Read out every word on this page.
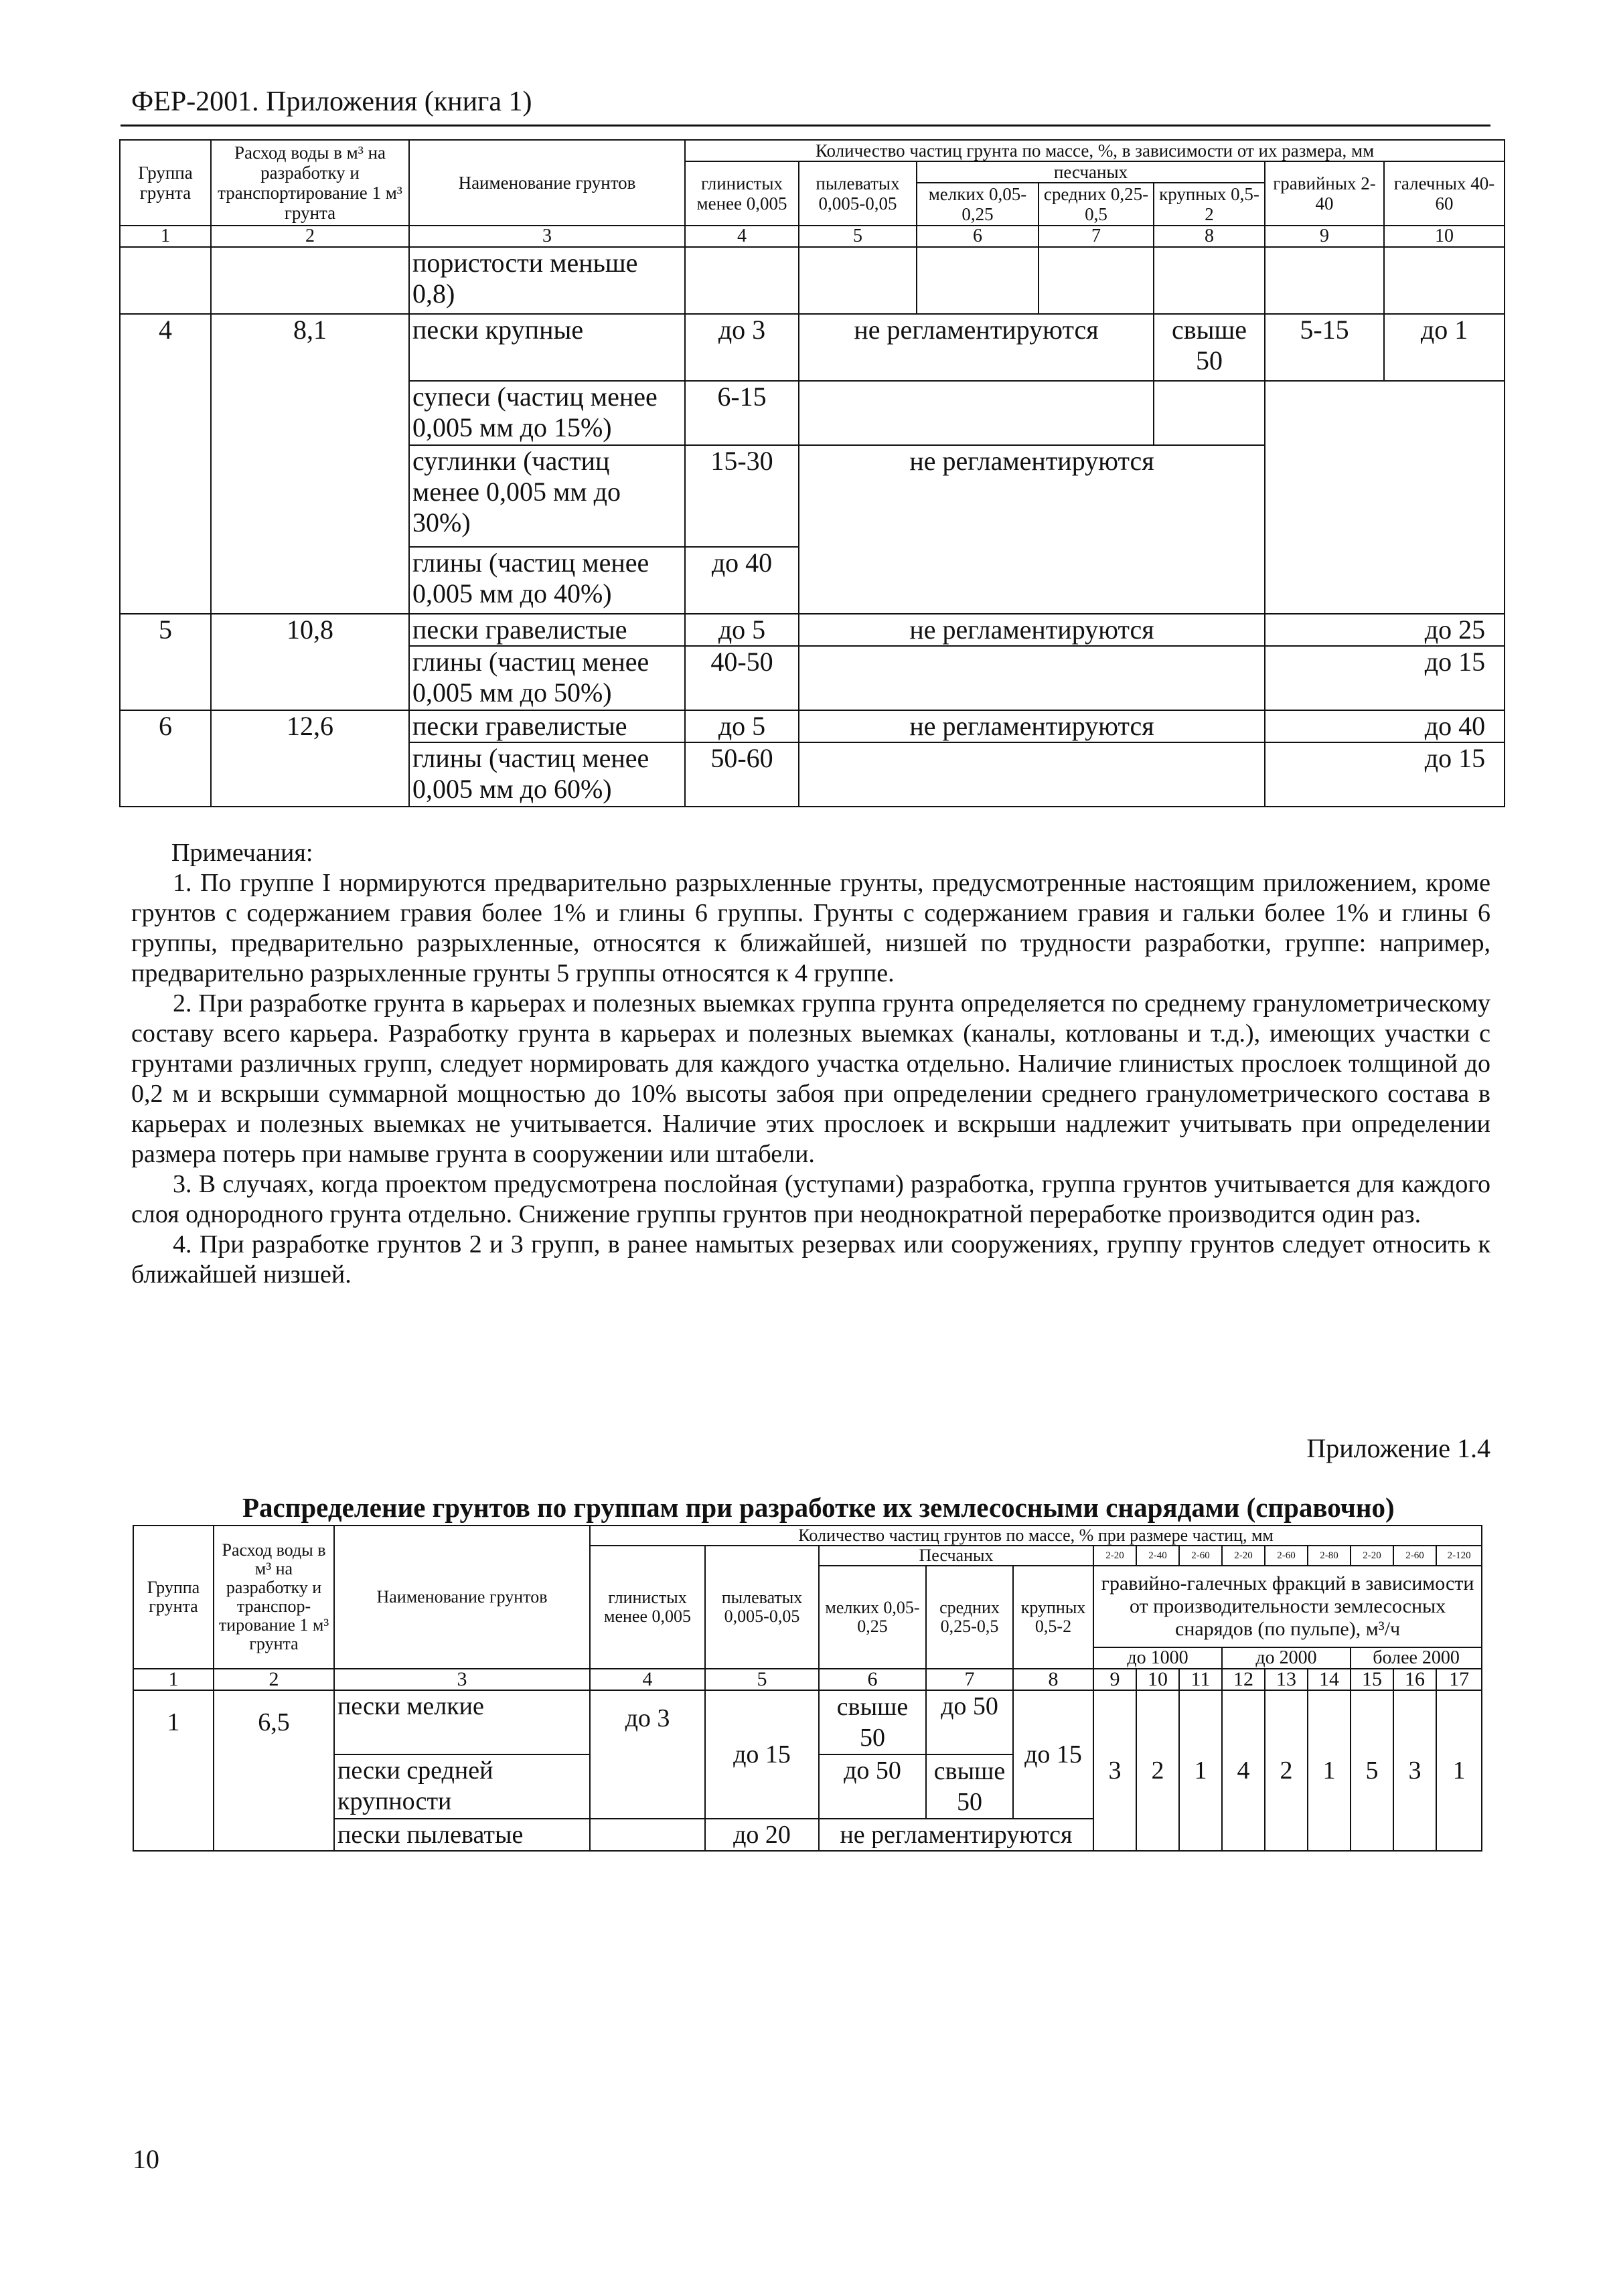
ФЕР-2001. Приложения (книга 1)
Группа грунта	Расход воды в м³ на разработку и транспортирование 1 м³ грунта	Наименование грунтов	Количество частиц грунта по массе, %, в зависимости от их размера, мм						
			глинистых менее 0,005	пылеватых 0,005-0,05	песчаных			гравийных 2-40	галечных 40-60
					мелких 0,05-0,25	средних 0,25-0,5	крупных 0,5-2		
1	2	3	4	5	6	7	8	9	10
		пористости меньше 0,8)							
4	8,1	пески крупные	до 3	не регламентируются			свыше 50	5-15	до 1
		супеси (частиц менее 0,005 мм до 15%)	6-15						
		суглинки (частиц менее 0,005 мм до 30%)	15-30	не регламентируются					
		глины (частиц менее 0,005 мм до 40%)	до 40						
5	10,8	пески гравелистые	до 5	не регламентируются				до 25	
		глины (частиц менее 0,005 мм до 50%)	40-50					до 15	
6	12,6	пески гравелистые	до 5	не регламентируются				до 40	
		глины (частиц менее 0,005 мм до 60%)	50-60					до 15	

Примечания:

1. По группе I нормируются предварительно разрыхленные грунты, предусмотренные настоящим приложением, кроме грунтов с содержанием гравия более 1% и глины 6 группы. Грунты с содержанием гравия и гальки более 1% и глины 6 группы, предварительно разрыхленные, относятся к ближайшей, низшей по трудности разработки, группе: например, предварительно разрыхленные грунты 5 группы относятся к 4 группе.

2. При разработке грунта в карьерах и полезных выемках группа грунта определяется по среднему гранулометрическому составу всего карьера. Разработку грунта в карьерах и полезных выемках (каналы, котлованы и т.д.), имеющих участки с грунтами различных групп, следует нормировать для каждого участка отдельно. Наличие глинистых прослоек толщиной до 0,2 м и вскрыши суммарной мощностью до 10% высоты забоя при определении среднего гранулометрического состава в карьерах и полезных выемках не учитывается. Наличие этих прослоек и вскрыши надлежит учитывать при определении размера потерь при намыве грунта в сооружении или штабели.

3. В случаях, когда проектом предусмотрена послойная (уступами) разработка, группа грунтов учитывается для каждого слоя однородного грунта отдельно. Снижение группы грунтов при неоднократной переработке производится один раз.

4. При разработке грунтов 2 и 3 групп, в ранее намытых резервах или сооружениях, группу грунтов следует относить к ближайшей низшей.

Приложение 1.4
Распределение грунтов по группам при разработке их землесосными снарядами (справочно)
Группа грунта	Расход воды в м³ на разработку и транспор-тирование 1 м³ грунта	Наименование грунтов	Количество частиц грунтов по массе, % при размере частиц, мм													
			глинистых менее 0,005	пылеватых 0,005-0,05	Песчаных			2-20	2-40	2-60	2-20	2-60	2-80	2-20	2-60	2-120
					мелких 0,05-0,25	средних 0,25-0,5	крупных 0,5-2	гравийно-галечных фракций в зависимости от производительности землесосных снарядов (по пульпе), м³/ч								

								до 1000			до 2000			более 2000		
1	2	3	4	5	6	7	8	9	10	11	12	13	14	15	16	17
1	6,5	пески мелкие	до 3	до 15	свыше 50	до 50	до 15	3	2	1	4	2	1	5	3	1
		пески средней крупности			до 50	свыше 50										
		пески пылеватые		до 20	не регламентируются											
10
